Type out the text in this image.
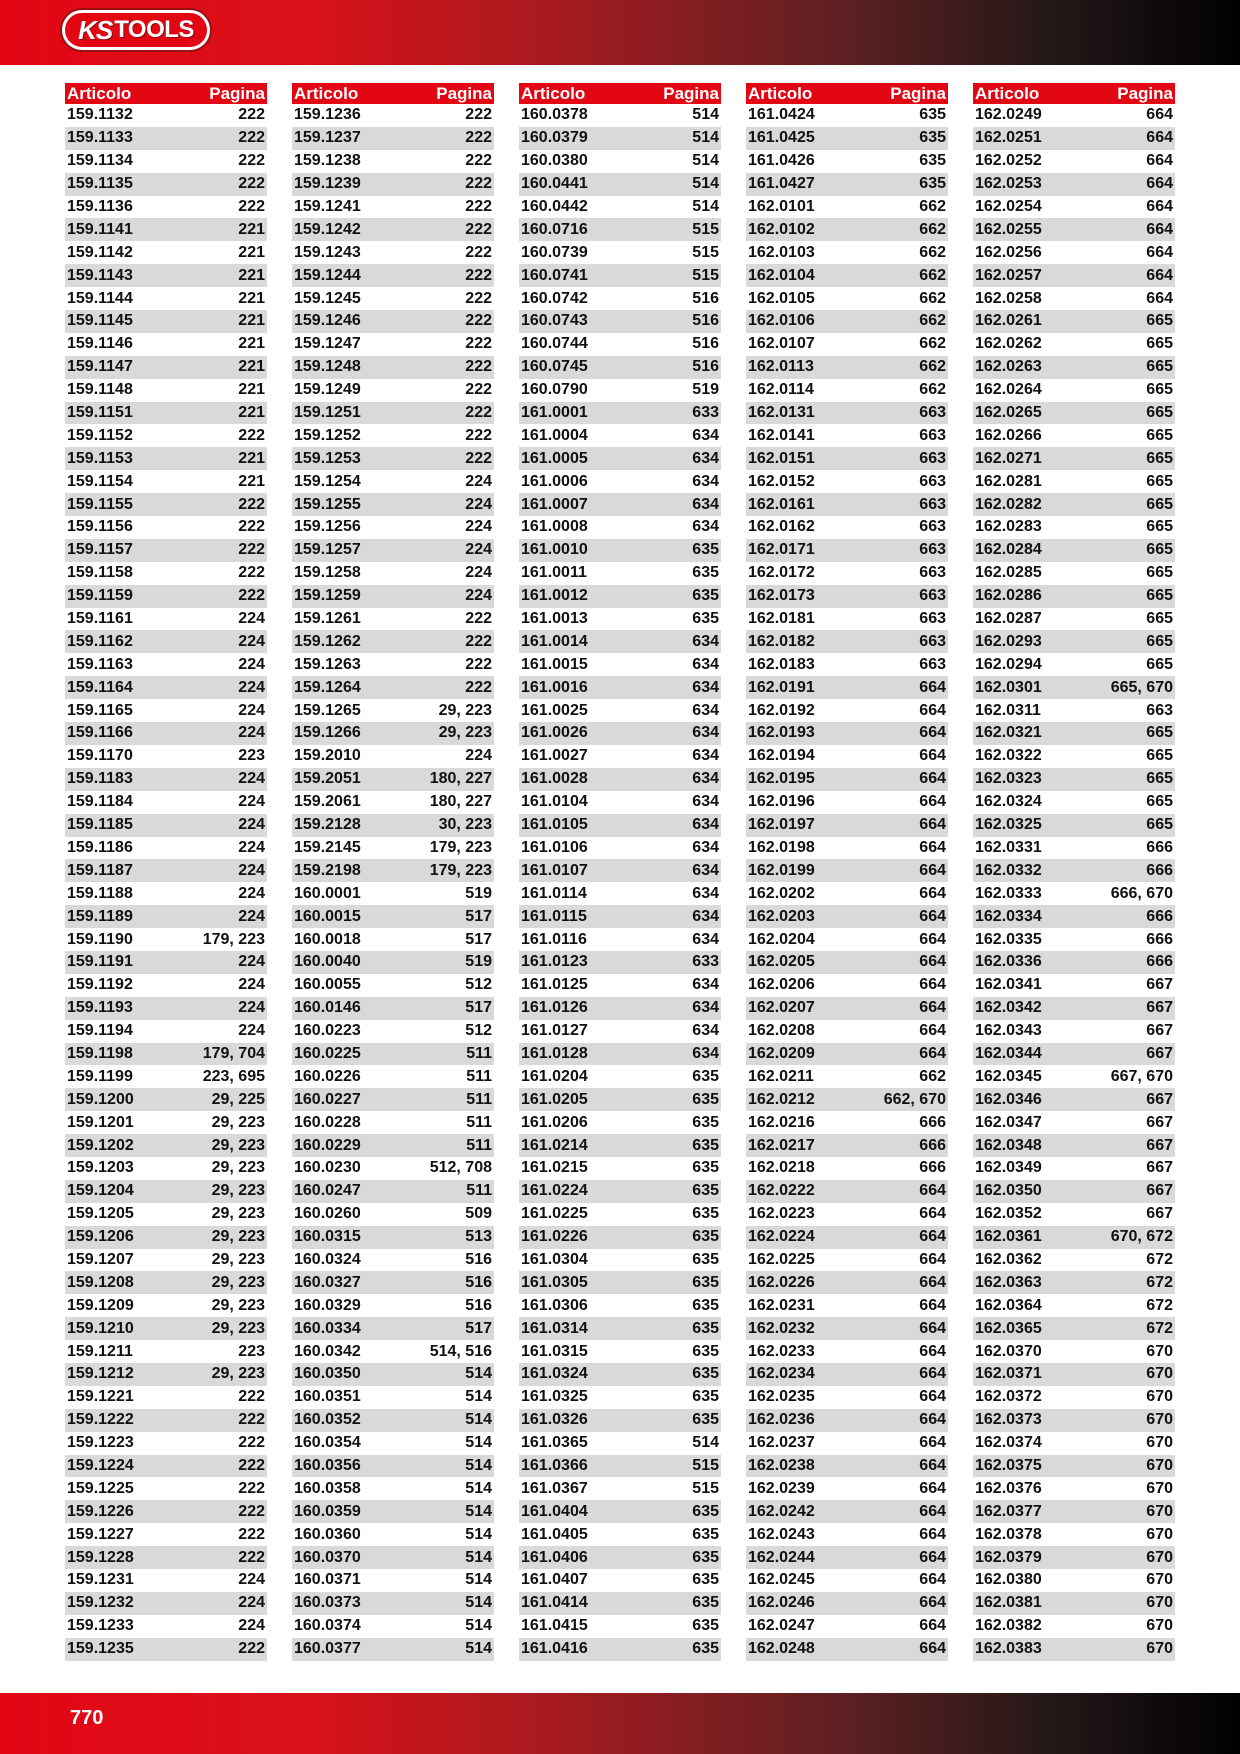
KS TOOLS
Articolo	Pagina
159.1132	222
159.1133	222
159.1134	222
159.1135	222
159.1136	222
159.1141	221
159.1142	221
159.1143	221
159.1144	221
159.1145	221
159.1146	221
159.1147	221
159.1148	221
159.1151	221
159.1152	222
159.1153	221
159.1154	221
159.1155	222
159.1156	222
159.1157	222
159.1158	222
159.1159	222
159.1161	224
159.1162	224
159.1163	224
159.1164	224
159.1165	224
159.1166	224
159.1170	223
159.1183	224
159.1184	224
159.1185	224
159.1186	224
159.1187	224
159.1188	224
159.1189	224
159.1190	179, 223
159.1191	224
159.1192	224
159.1193	224
159.1194	224
159.1198	179, 704
159.1199	223, 695
159.1200	29, 225
159.1201	29, 223
159.1202	29, 223
159.1203	29, 223
159.1204	29, 223
159.1205	29, 223
159.1206	29, 223
159.1207	29, 223
159.1208	29, 223
159.1209	29, 223
159.1210	29, 223
159.1211	223
159.1212	29, 223
159.1221	222
159.1222	222
159.1223	222
159.1224	222
159.1225	222
159.1226	222
159.1227	222
159.1228	222
159.1231	224
159.1232	224
159.1233	224
159.1235	222
Articolo	Pagina
159.1236	222
159.1237	222
159.1238	222
159.1239	222
159.1241	222
159.1242	222
159.1243	222
159.1244	222
159.1245	222
159.1246	222
159.1247	222
159.1248	222
159.1249	222
159.1251	222
159.1252	222
159.1253	222
159.1254	224
159.1255	224
159.1256	224
159.1257	224
159.1258	224
159.1259	224
159.1261	222
159.1262	222
159.1263	222
159.1264	222
159.1265	29, 223
159.1266	29, 223
159.2010	224
159.2051	180, 227
159.2061	180, 227
159.2128	30, 223
159.2145	179, 223
159.2198	179, 223
160.0001	519
160.0015	517
160.0018	517
160.0040	519
160.0055	512
160.0146	517
160.0223	512
160.0225	511
160.0226	511
160.0227	511
160.0228	511
160.0229	511
160.0230	512, 708
160.0247	511
160.0260	509
160.0315	513
160.0324	516
160.0327	516
160.0329	516
160.0334	517
160.0342	514, 516
160.0350	514
160.0351	514
160.0352	514
160.0354	514
160.0356	514
160.0358	514
160.0359	514
160.0360	514
160.0370	514
160.0371	514
160.0373	514
160.0374	514
160.0377	514
Articolo	Pagina
160.0378	514
160.0379	514
160.0380	514
160.0441	514
160.0442	514
160.0716	515
160.0739	515
160.0741	515
160.0742	516
160.0743	516
160.0744	516
160.0745	516
160.0790	519
161.0001	633
161.0004	634
161.0005	634
161.0006	634
161.0007	634
161.0008	634
161.0010	635
161.0011	635
161.0012	635
161.0013	635
161.0014	634
161.0015	634
161.0016	634
161.0025	634
161.0026	634
161.0027	634
161.0028	634
161.0104	634
161.0105	634
161.0106	634
161.0107	634
161.0114	634
161.0115	634
161.0116	634
161.0123	633
161.0125	634
161.0126	634
161.0127	634
161.0128	634
161.0204	635
161.0205	635
161.0206	635
161.0214	635
161.0215	635
161.0224	635
161.0225	635
161.0226	635
161.0304	635
161.0305	635
161.0306	635
161.0314	635
161.0315	635
161.0324	635
161.0325	635
161.0326	635
161.0365	514
161.0366	515
161.0367	515
161.0404	635
161.0405	635
161.0406	635
161.0407	635
161.0414	635
161.0415	635
161.0416	635
Articolo	Pagina
161.0424	635
161.0425	635
161.0426	635
161.0427	635
162.0101	662
162.0102	662
162.0103	662
162.0104	662
162.0105	662
162.0106	662
162.0107	662
162.0113	662
162.0114	662
162.0131	663
162.0141	663
162.0151	663
162.0152	663
162.0161	663
162.0162	663
162.0171	663
162.0172	663
162.0173	663
162.0181	663
162.0182	663
162.0183	663
162.0191	664
162.0192	664
162.0193	664
162.0194	664
162.0195	664
162.0196	664
162.0197	664
162.0198	664
162.0199	664
162.0202	664
162.0203	664
162.0204	664
162.0205	664
162.0206	664
162.0207	664
162.0208	664
162.0209	664
162.0211	662
162.0212	662, 670
162.0216	666
162.0217	666
162.0218	666
162.0222	664
162.0223	664
162.0224	664
162.0225	664
162.0226	664
162.0231	664
162.0232	664
162.0233	664
162.0234	664
162.0235	664
162.0236	664
162.0237	664
162.0238	664
162.0239	664
162.0242	664
162.0243	664
162.0244	664
162.0245	664
162.0246	664
162.0247	664
162.0248	664
Articolo	Pagina
162.0249	664
162.0251	664
162.0252	664
162.0253	664
162.0254	664
162.0255	664
162.0256	664
162.0257	664
162.0258	664
162.0261	665
162.0262	665
162.0263	665
162.0264	665
162.0265	665
162.0266	665
162.0271	665
162.0281	665
162.0282	665
162.0283	665
162.0284	665
162.0285	665
162.0286	665
162.0287	665
162.0293	665
162.0294	665
162.0301	665, 670
162.0311	663
162.0321	665
162.0322	665
162.0323	665
162.0324	665
162.0325	665
162.0331	666
162.0332	666
162.0333	666, 670
162.0334	666
162.0335	666
162.0336	666
162.0341	667
162.0342	667
162.0343	667
162.0344	667
162.0345	667, 670
162.0346	667
162.0347	667
162.0348	667
162.0349	667
162.0350	667
162.0352	667
162.0361	670, 672
162.0362	672
162.0363	672
162.0364	672
162.0365	672
162.0370	670
162.0371	670
162.0372	670
162.0373	670
162.0374	670
162.0375	670
162.0376	670
162.0377	670
162.0378	670
162.0379	670
162.0380	670
162.0381	670
162.0382	670
162.0383	670
770
